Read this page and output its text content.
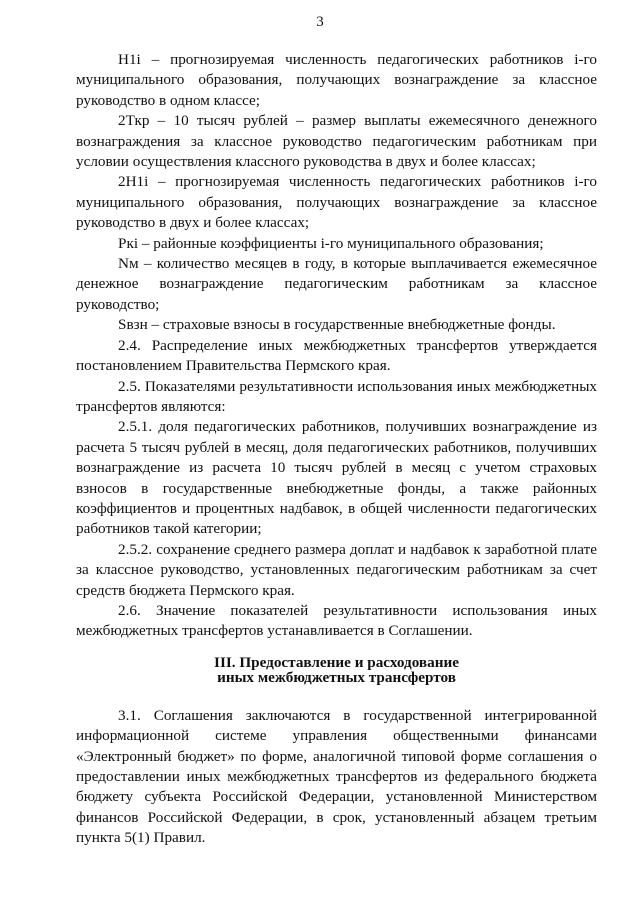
3

Н1i – прогнозируемая численность педагогических работников i-го муниципального образования, получающих вознаграждение за классное руководство в одном классе;

2Ткр – 10 тысяч рублей – размер выплаты ежемесячного денежного вознаграждения за классное руководство педагогическим работникам при условии осуществления классного руководства в двух и более классах;

2Н1i – прогнозируемая численность педагогических работников i-го муниципального образования, получающих вознаграждение за классное руководство в двух и более классах;

Ркi – районные коэффициенты i-го муниципального образования;

Nм – количество месяцев в году, в которые выплачивается ежемесячное денежное вознаграждение педагогическим работникам за классное руководство;

Sвзн – страховые взносы в государственные внебюджетные фонды.

2.4. Распределение иных межбюджетных трансфертов утверждается постановлением Правительства Пермского края.

2.5. Показателями результативности использования иных межбюджетных трансфертов являются:

2.5.1. доля педагогических работников, получивших вознаграждение из расчета 5 тысяч рублей в месяц, доля педагогических работников, получивших вознаграждение из расчета 10 тысяч рублей в месяц с учетом страховых взносов в государственные внебюджетные фонды, а также районных коэффициентов и процентных надбавок, в общей численности педагогических работников такой категории;

2.5.2. сохранение среднего размера доплат и надбавок к заработной плате за классное руководство, установленных педагогическим работникам за счет средств бюджета Пермского края.

2.6. Значение показателей результативности использования иных межбюджетных трансфертов устанавливается в Соглашении.

III. Предоставление и расходование
иных межбюджетных трансфертов

3.1. Соглашения заключаются в государственной интегрированной информационной системе управления общественными финансами «Электронный бюджет» по форме, аналогичной типовой форме соглашения о предоставлении иных межбюджетных трансфертов из федерального бюджета бюджету субъекта Российской Федерации, установленной Министерством финансов Российской Федерации, в срок, установленный абзацем третьим пункта 5(1) Правил.
